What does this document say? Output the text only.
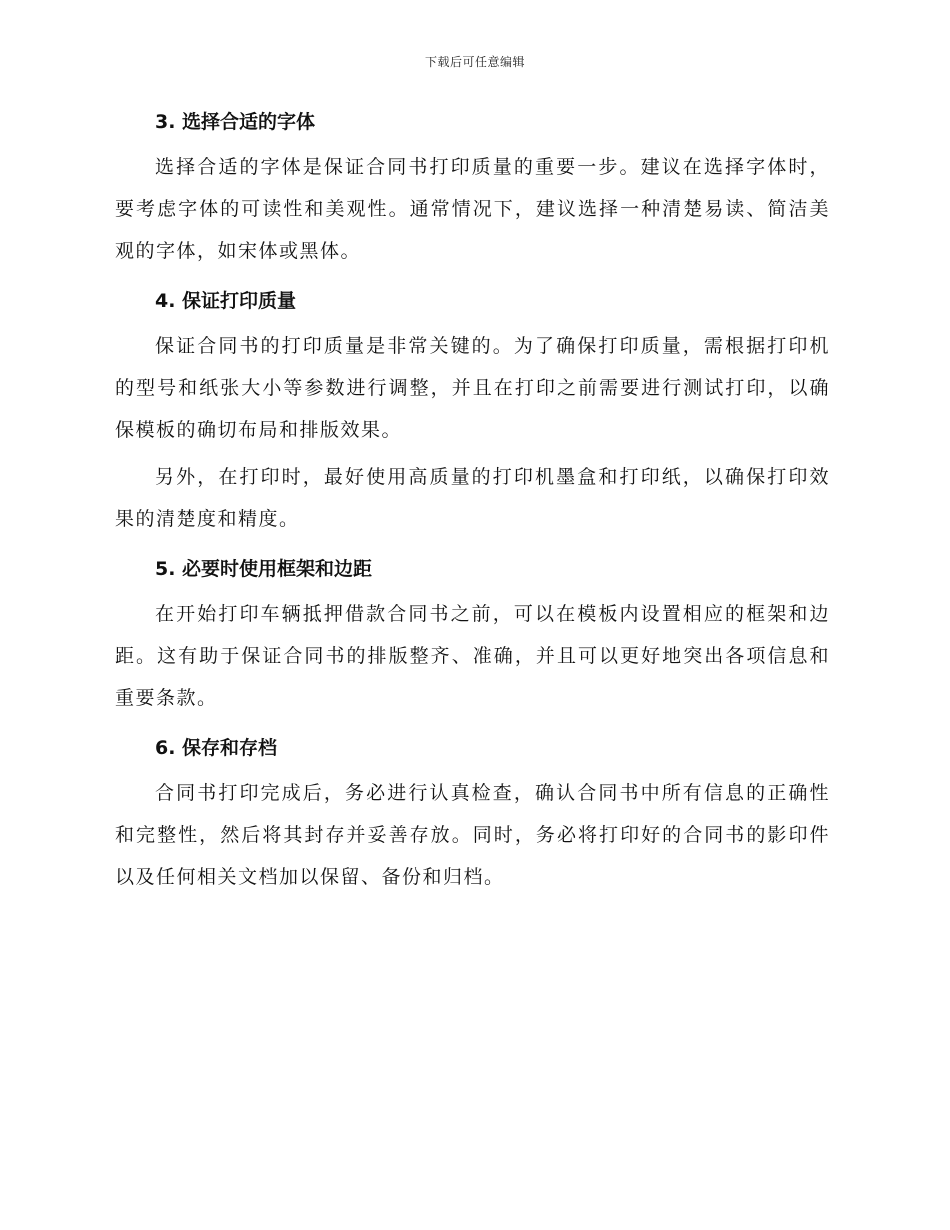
下载后可任意编辑
3. 选择合适的字体

选择合适的字体是保证合同书打印质量的重要一步。建议在选择字体时，要考虑字体的可读性和美观性。通常情况下，建议选择一种清楚易读、简洁美观的字体，如宋体或黑体。

4. 保证打印质量

保证合同书的打印质量是非常关键的。为了确保打印质量，需根据打印机的型号和纸张大小等参数进行调整，并且在打印之前需要进行测试打印，以确保模板的确切布局和排版效果。

另外，在打印时，最好使用高质量的打印机墨盒和打印纸，以确保打印效果的清楚度和精度。

5. 必要时使用框架和边距

在开始打印车辆抵押借款合同书之前，可以在模板内设置相应的框架和边距。这有助于保证合同书的排版整齐、准确，并且可以更好地突出各项信息和重要条款。

6. 保存和存档

合同书打印完成后，务必进行认真检查，确认合同书中所有信息的正确性和完整性，然后将其封存并妥善存放。同时，务必将打印好的合同书的影印件以及任何相关文档加以保留、备份和归档。
